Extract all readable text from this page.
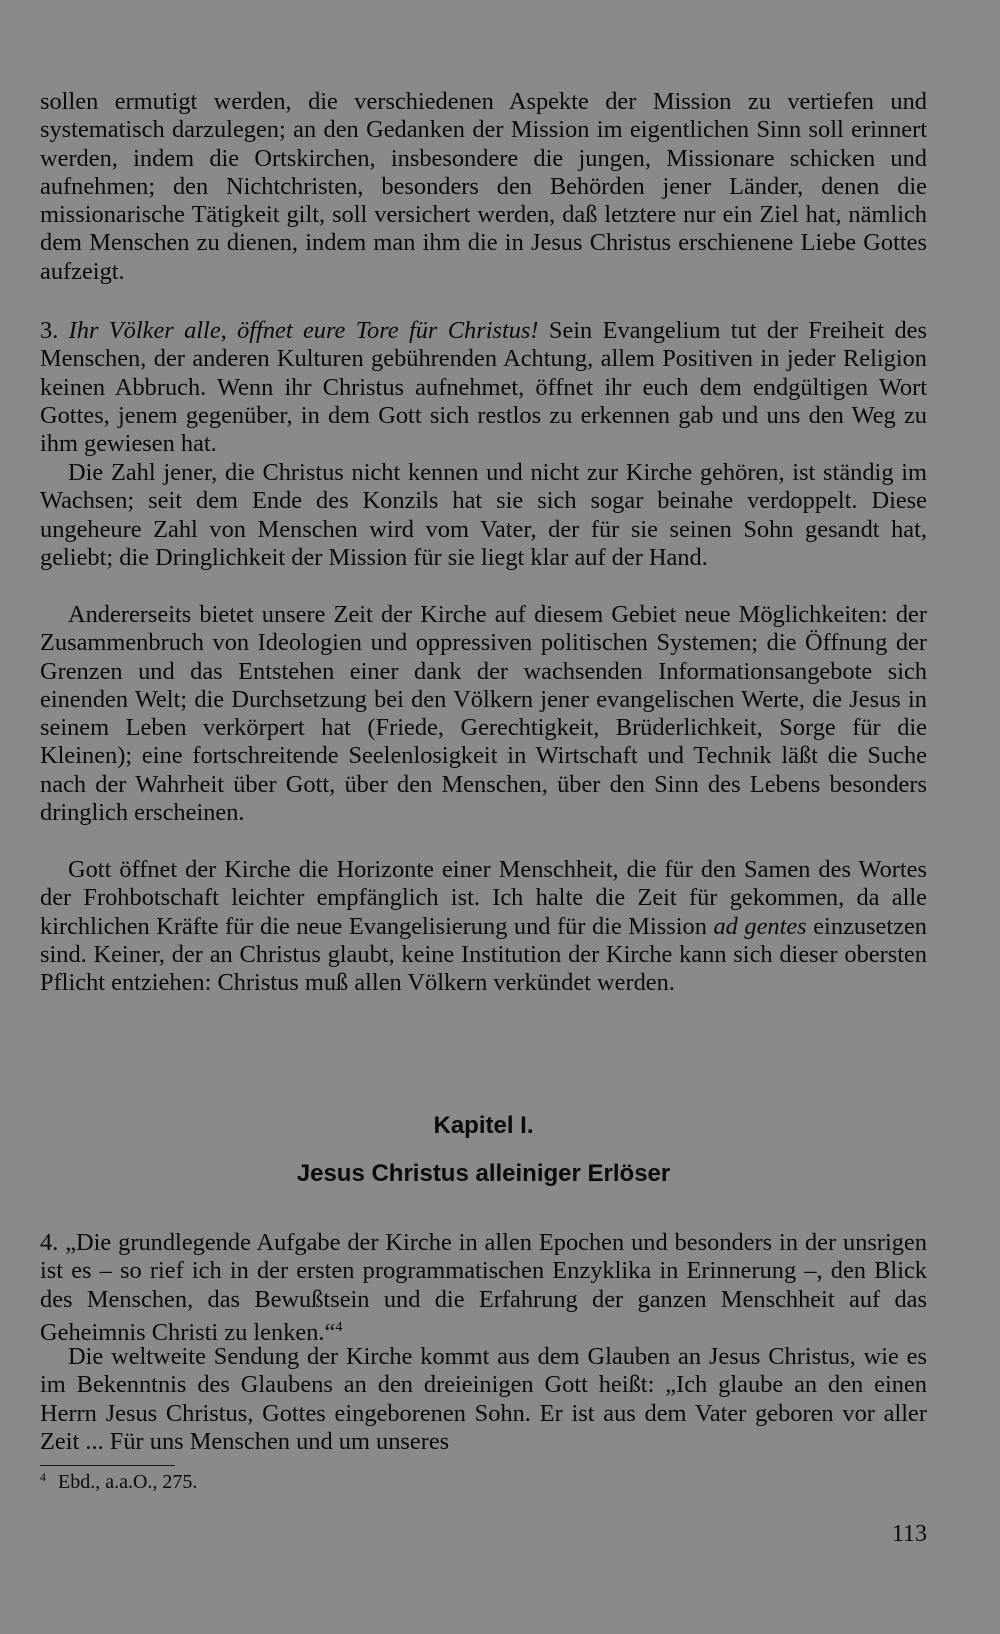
sollen ermutigt werden, die verschiedenen Aspekte der Mission zu vertiefen und systematisch darzulegen; an den Gedanken der Mission im eigentlichen Sinn soll erinnert werden, indem die Ortskirchen, insbesondere die jungen, Missionare schicken und aufnehmen; den Nichtchristen, besonders den Behörden jener Länder, denen die missionarische Tätigkeit gilt, soll versichert werden, daß letztere nur ein Ziel hat, nämlich dem Menschen zu dienen, indem man ihm die in Jesus Christus erschienene Liebe Gottes aufzeigt.

3. Ihr Völker alle, öffnet eure Tore für Christus! Sein Evangelium tut der Freiheit des Menschen, der anderen Kulturen gebührenden Achtung, allem Positiven in jeder Religion keinen Abbruch. Wenn ihr Christus aufnehmet, öffnet ihr euch dem endgültigen Wort Gottes, jenem gegenüber, in dem Gott sich restlos zu erkennen gab und uns den Weg zu ihm gewiesen hat.

Die Zahl jener, die Christus nicht kennen und nicht zur Kirche gehören, ist ständig im Wachsen; seit dem Ende des Konzils hat sie sich sogar beinahe verdoppelt. Diese ungeheure Zahl von Menschen wird vom Vater, der für sie seinen Sohn gesandt hat, geliebt; die Dringlichkeit der Mission für sie liegt klar auf der Hand.

Andererseits bietet unsere Zeit der Kirche auf diesem Gebiet neue Möglichkeiten: der Zusammenbruch von Ideologien und oppressiven politischen Systemen; die Öffnung der Grenzen und das Entstehen einer dank der wachsenden Informationsangebote sich einenden Welt; die Durchsetzung bei den Völkern jener evangelischen Werte, die Jesus in seinem Leben verkörpert hat (Friede, Gerechtigkeit, Brüderlichkeit, Sorge für die Kleinen); eine fortschreitende Seelenlosigkeit in Wirtschaft und Technik läßt die Suche nach der Wahrheit über Gott, über den Menschen, über den Sinn des Lebens besonders dringlich erscheinen.

Gott öffnet der Kirche die Horizonte einer Menschheit, die für den Samen des Wortes der Frohbotschaft leichter empfänglich ist. Ich halte die Zeit für gekommen, da alle kirchlichen Kräfte für die neue Evangelisierung und für die Mission ad gentes einzusetzen sind. Keiner, der an Christus glaubt, keine Institution der Kirche kann sich dieser obersten Pflicht entziehen: Christus muß allen Völkern verkündet werden.

Kapitel I.
Jesus Christus alleiniger Erlöser

4. „Die grundlegende Aufgabe der Kirche in allen Epochen und besonders in der unsrigen ist es – so rief ich in der ersten programmatischen Enzyklika in Erinnerung –, den Blick des Menschen, das Bewußtsein und die Erfahrung der ganzen Menschheit auf das Geheimnis Christi zu lenken.“$^4$

Die weltweite Sendung der Kirche kommt aus dem Glauben an Jesus Christus, wie es im Bekenntnis des Glaubens an den dreieinigen Gott heißt: „Ich glaube an den einen Herrn Jesus Christus, Gottes eingeborenen Sohn. Er ist aus dem Vater geboren vor aller Zeit ... Für uns Menschen und um unseres

$^4$ Ebd., a.a.O., 275.
113
